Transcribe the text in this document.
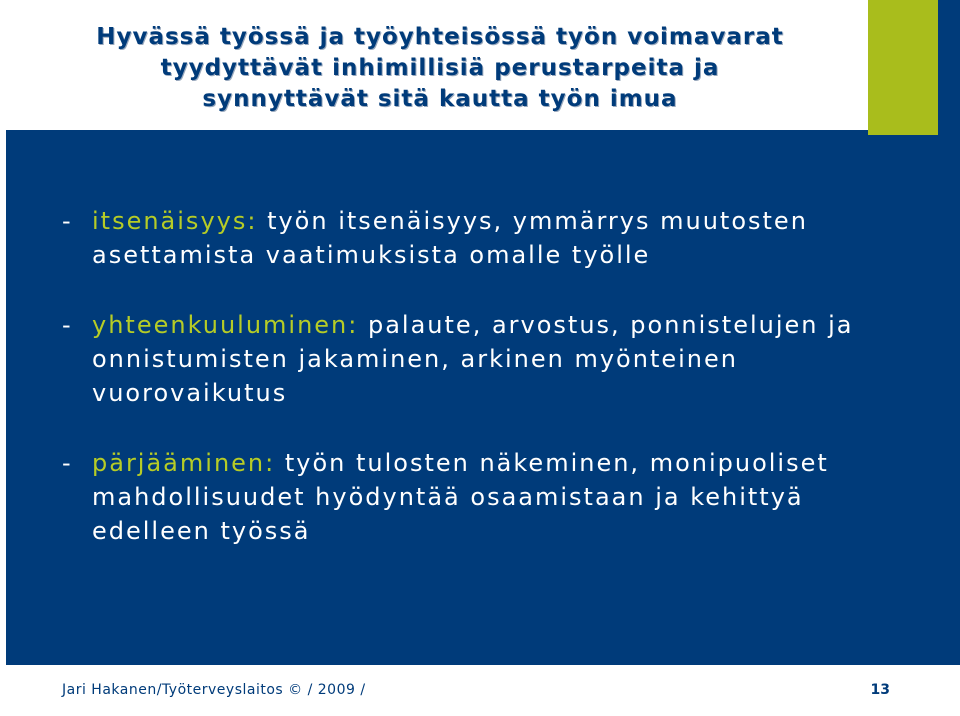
Hyvässä työssä ja työyhteisössä työn voimavarat
tyydyttävät inhimillisiä perustarpeita ja
synnyttävät sitä kautta työn imua
- itsenäisyys: työn itsenäisyys, ymmärrys muutosten asettamista vaatimuksista omalle työlle
- yhteenkuuluminen: palaute, arvostus, ponnistelujen ja onnistumisten jakaminen, arkinen myönteinen vuorovaikutus
- pärjääminen: työn tulosten näkeminen, monipuoliset mahdollisuudet hyödyntää osaamistaan ja kehittyä edelleen työssä
Jari Hakanen/Työterveyslaitos © / 2009 /	13
